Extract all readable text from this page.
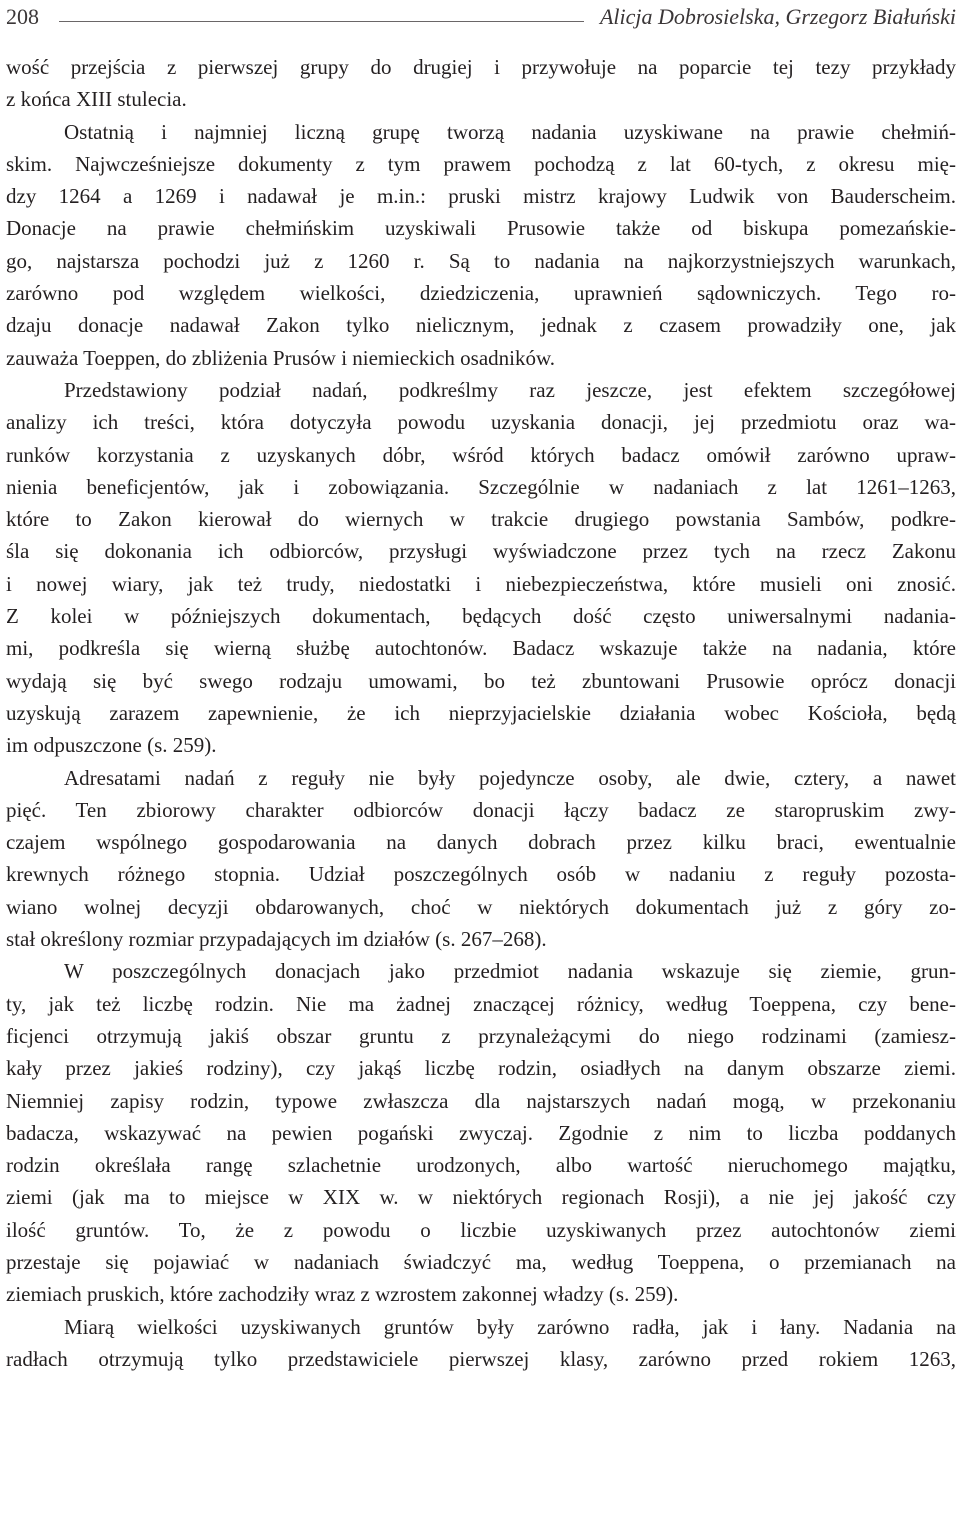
208	Alicja Dobrosielska, Grzegorz Białuński

wość przejścia z pierwszej grupy do drugiej i przywołuje na poparcie tej tezy przykłady

z końca XIII stulecia.

Ostatnią i najmniej liczną grupę tworzą nadania uzyskiwane na prawie chełmiń-

skim. Najwcześniejsze dokumenty z tym prawem pochodzą z lat 60-tych, z okresu mię-

dzy 1264 a 1269 i nadawał je m.in.: pruski mistrz krajowy Ludwik von Bauderscheim.

Donacje na prawie chełmińskim uzyskiwali Prusowie także od biskupa pomezańskie-

go, najstarsza pochodzi już z 1260 r. Są to nadania na najkorzystniejszych warunkach,

zarówno pod względem wielkości, dziedziczenia, uprawnień sądowniczych. Tego ro-

dzaju donacje nadawał Zakon tylko nielicznym, jednak z czasem prowadziły one, jak

zauważa Toeppen, do zbliżenia Prusów i niemieckich osadników.

Przedstawiony podział nadań, podkreślmy raz jeszcze, jest efektem szczegółowej

analizy ich treści, która dotyczyła powodu uzyskania donacji, jej przedmiotu oraz wa-

runków korzystania z uzyskanych dóbr, wśród których badacz omówił zarówno upraw-

nienia beneficjentów, jak i zobowiązania. Szczególnie w nadaniach z lat 1261–1263,

które to Zakon kierował do wiernych w trakcie drugiego powstania Sambów, podkre-

śla się dokonania ich odbiorców, przysługi wyświadczone przez tych na rzecz Zakonu

i nowej wiary, jak też trudy, niedostatki i niebezpieczeństwa, które musieli oni znosić.

Z kolei w późniejszych dokumentach, będących dość często uniwersalnymi nadania-

mi, podkreśla się wierną służbę autochtonów. Badacz wskazuje także na nadania, które

wydają się być swego rodzaju umowami, bo też zbuntowani Prusowie oprócz donacji

uzyskują zarazem zapewnienie, że ich nieprzyjacielskie działania wobec Kościoła, będą

im odpuszczone (s. 259).

Adresatami nadań z reguły nie były pojedyncze osoby, ale dwie, cztery, a nawet

pięć. Ten zbiorowy charakter odbiorców donacji łączy badacz ze staropruskim zwy-

czajem wspólnego gospodarowania na danych dobrach przez kilku braci, ewentualnie

krewnych różnego stopnia. Udział poszczególnych osób w nadaniu z reguły pozosta-

wiano wolnej decyzji obdarowanych, choć w niektórych dokumentach już z góry zo-

stał określony rozmiar przypadających im działów (s. 267–268).

W poszczególnych donacjach jako przedmiot nadania wskazuje się ziemie, grun-

ty, jak też liczbę rodzin. Nie ma żadnej znaczącej różnicy, według Toeppena, czy bene-

ficjenci otrzymują jakiś obszar gruntu z przynależącymi do niego rodzinami (zamiesz-

kały przez jakieś rodziny), czy jakąś liczbę rodzin, osiadłych na danym obszarze ziemi.

Niemniej zapisy rodzin, typowe zwłaszcza dla najstarszych nadań mogą, w przekonaniu

badacza, wskazywać na pewien pogański zwyczaj. Zgodnie z nim to liczba poddanych

rodzin określała rangę szlachetnie urodzonych, albo wartość nieruchomego majątku,

ziemi (jak ma to miejsce w XIX w. w niektórych regionach Rosji), a nie jej jakość czy

ilość gruntów. To, że z powodu o liczbie uzyskiwanych przez autochtonów ziemi

przestaje się pojawiać w nadaniach świadczyć ma, według Toeppena, o przemianach na

ziemiach pruskich, które zachodziły wraz z wzrostem zakonnej władzy (s. 259).

Miarą wielkości uzyskiwanych gruntów były zarówno radła, jak i łany. Nadania na

radłach otrzymują tylko przedstawiciele pierwszej klasy, zarówno przed rokiem 1263,
